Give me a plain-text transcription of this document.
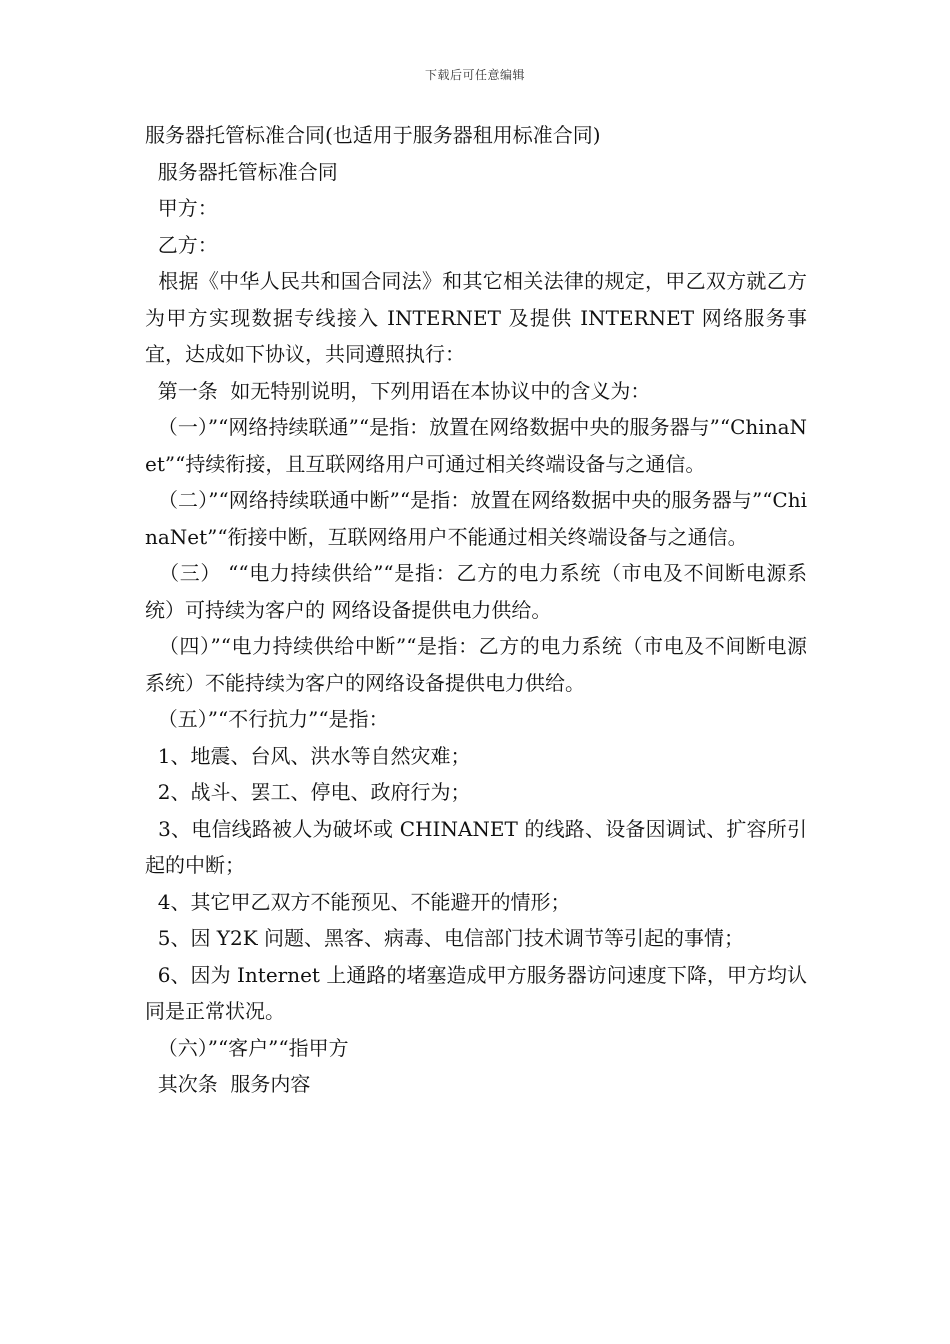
下载后可任意编辑

服务器托管标准合同(也适用于服务器租用标准合同)

服务器托管标准合同

甲方：

乙方：

根据《中华人民共和国合同法》和其它相关法律的规定，甲乙双方就乙方为甲方实现数据专线接入 INTERNET 及提供 INTERNET 网络服务事宜，达成如下协议，共同遵照执行：

第一条  如无特别说明，下列用语在本协议中的含义为：

（一）”“网络持续联通”“是指：放置在网络数据中央的服务器与”“ChinaNet”“持续衔接，且互联网络用户可通过相关终端设备与之通信。

（二）”“网络持续联通中断”“是指：放置在网络数据中央的服务器与”“ChinaNet”“衔接中断，互联网络用户不能通过相关终端设备与之通信。

（三） ““电力持续供给”“是指：乙方的电力系统（市电及不间断电源系统）可持续为客户的 网络设备提供电力供给。

（四）”“电力持续供给中断”“是指：乙方的电力系统（市电及不间断电源系统）不能持续为客户的网络设备提供电力供给。

（五）”“不行抗力”“是指：

1、地震、台风、洪水等自然灾难；

2、战斗、罢工、停电、政府行为；

3、电信线路被人为破坏或 CHINANET 的线路、设备因调试、扩容所引起的中断；

4、其它甲乙双方不能预见、不能避开的情形；

5、因 Y2K 问题、黑客、病毒、电信部门技术调节等引起的事情；

6、因为 Internet 上通路的堵塞造成甲方服务器访问速度下降，甲方均认同是正常状况。

（六）”“客户”“指甲方

其次条  服务内容
